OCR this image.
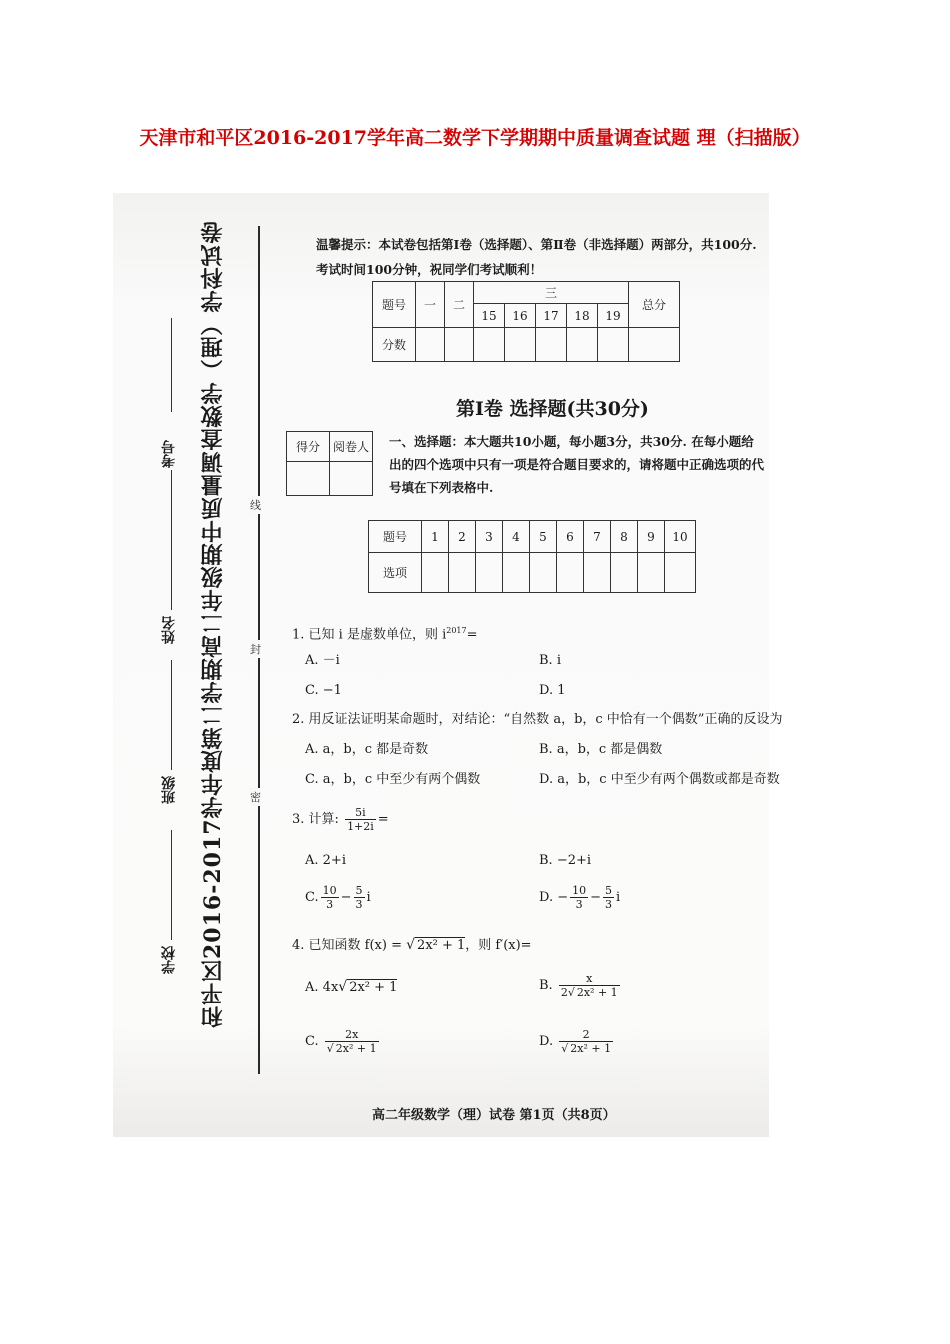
天津市和平区2016-2017学年高二数学下学期期中质量调查试题 理（扫描版）
线
封
密
和平区2016-2017学年度第二学期高二年级期中质量调查数学（理）学科试卷
考号
姓名
班级
学校
温馨提示：本试卷包括第Ⅰ卷（选择题）、第Ⅱ卷（非选择题）两部分，共100分.
考试时间100分钟，祝同学们考试顺利！
题号	一	二	三					总分
			15	16	17	18	19	
分数								
第Ⅰ卷 选择题(共30分)
得分	阅卷人
	一、选择题：本大题共10小题，每小题3分，共30分. 在每小题给出的四个选项中只有一项是符合题目要求的，请将题中正确选项的代号填在下列表格中.
题号	1	2	3	4	5	6	7	8	9	10
选项										
1. 已知 i 是虚数单位，则 $i^{2017}=$
A. －i	B. i
C. −1	D. 1
2. 用反证法证明某命题时，对结论：“自然数 a，b，c 中恰有一个偶数”正确的反设为
A. a，b，c 都是奇数	B. a，b，c 都是偶数
C. a，b，c 中至少有两个偶数	D. a，b，c 中至少有两个偶数或都是奇数
3. 计算: $\frac{5i}{1+2i}$ =
A. 2+i	B. −2+i
C. $\frac{10}{3} - \frac{5}{3}$ i	D. − $\frac{10}{3} - \frac{5}{3}$ i
4. 已知函数 f(x) = √ 2x² + 1，则 f′(x)=
A. 4x√ 2x² + 1	B. $\frac{x}{\text{2√ 2x² + 1}}$
C. $\frac{2x}{\text{√ 2x² + 1}}$	D. $\frac{2}{\text{√ 2x² + 1}}$
高二年级数学（理）试卷 第1页（共8页）
